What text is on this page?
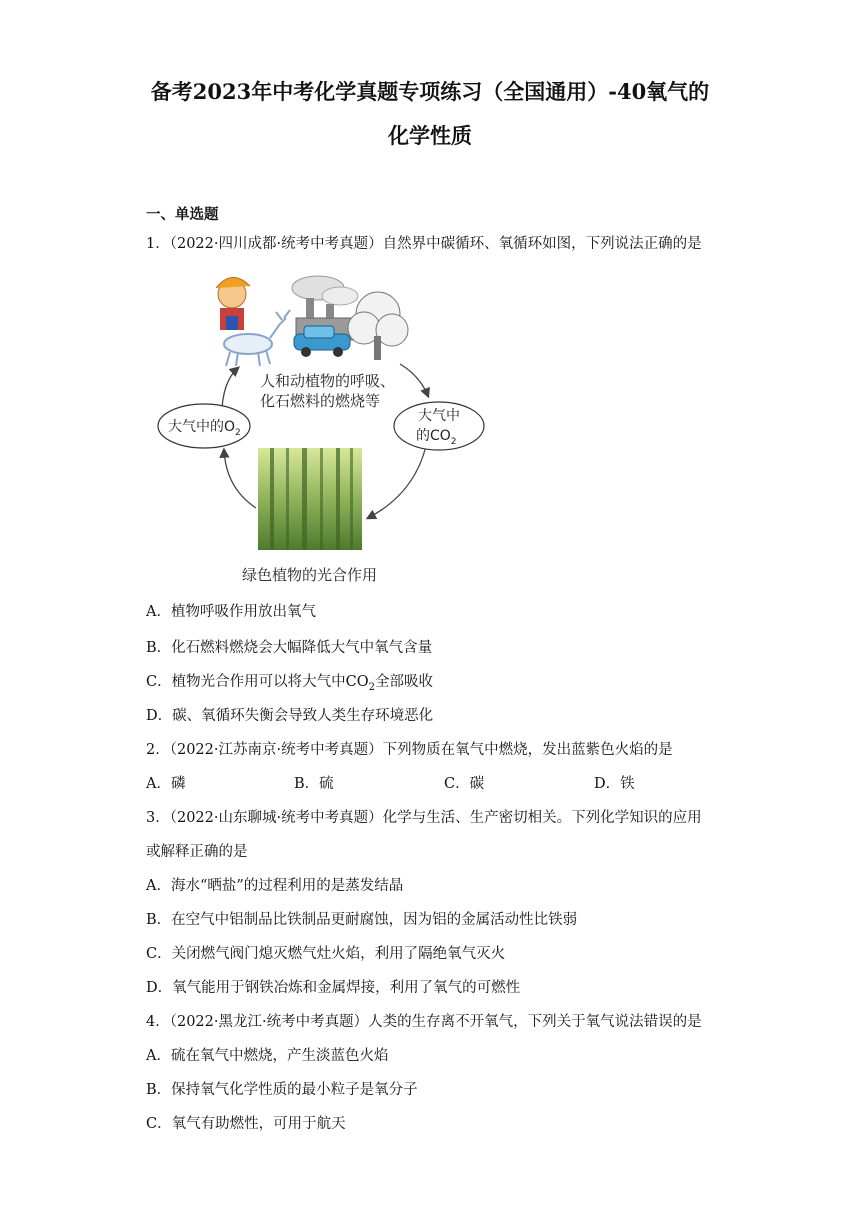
备考2023年中考化学真题专项练习（全国通用）-40氧气的
化学性质
一、单选题
1．（2022·四川成都·统考中考真题）自然界中碳循环、氧循环如图，下列说法正确的是
人和动植物的呼吸、
化石燃料的燃烧等
大气中的$O_2$
大气中
的$CO_2$
绿色植物的光合作用
A．植物呼吸作用放出氧气
B．化石燃料燃烧会大幅降低大气中氧气含量
C．植物光合作用可以将大气中$CO_2$全部吸收
D．碳、氧循环失衡会导致人类生存环境恶化
2．（2022·江苏南京·统考中考真题）下列物质在氧气中燃烧，发出蓝紫色火焰的是
A．磷	B．硫	C．碳	D．铁
3．（2022·山东聊城·统考中考真题）化学与生活、生产密切相关。下列化学知识的应用
或解释正确的是
A．海水“晒盐”的过程利用的是蒸发结晶
B．在空气中铝制品比铁制品更耐腐蚀，因为铝的金属活动性比铁弱
C．关闭燃气阀门熄灭燃气灶火焰，利用了隔绝氧气灭火
D．氧气能用于钢铁冶炼和金属焊接，利用了氧气的可燃性
4．（2022·黑龙江·统考中考真题）人类的生存离不开氧气，下列关于氧气说法错误的是
A．硫在氧气中燃烧，产生淡蓝色火焰
B．保持氧气化学性质的最小粒子是氧分子
C．氧气有助燃性，可用于航天
